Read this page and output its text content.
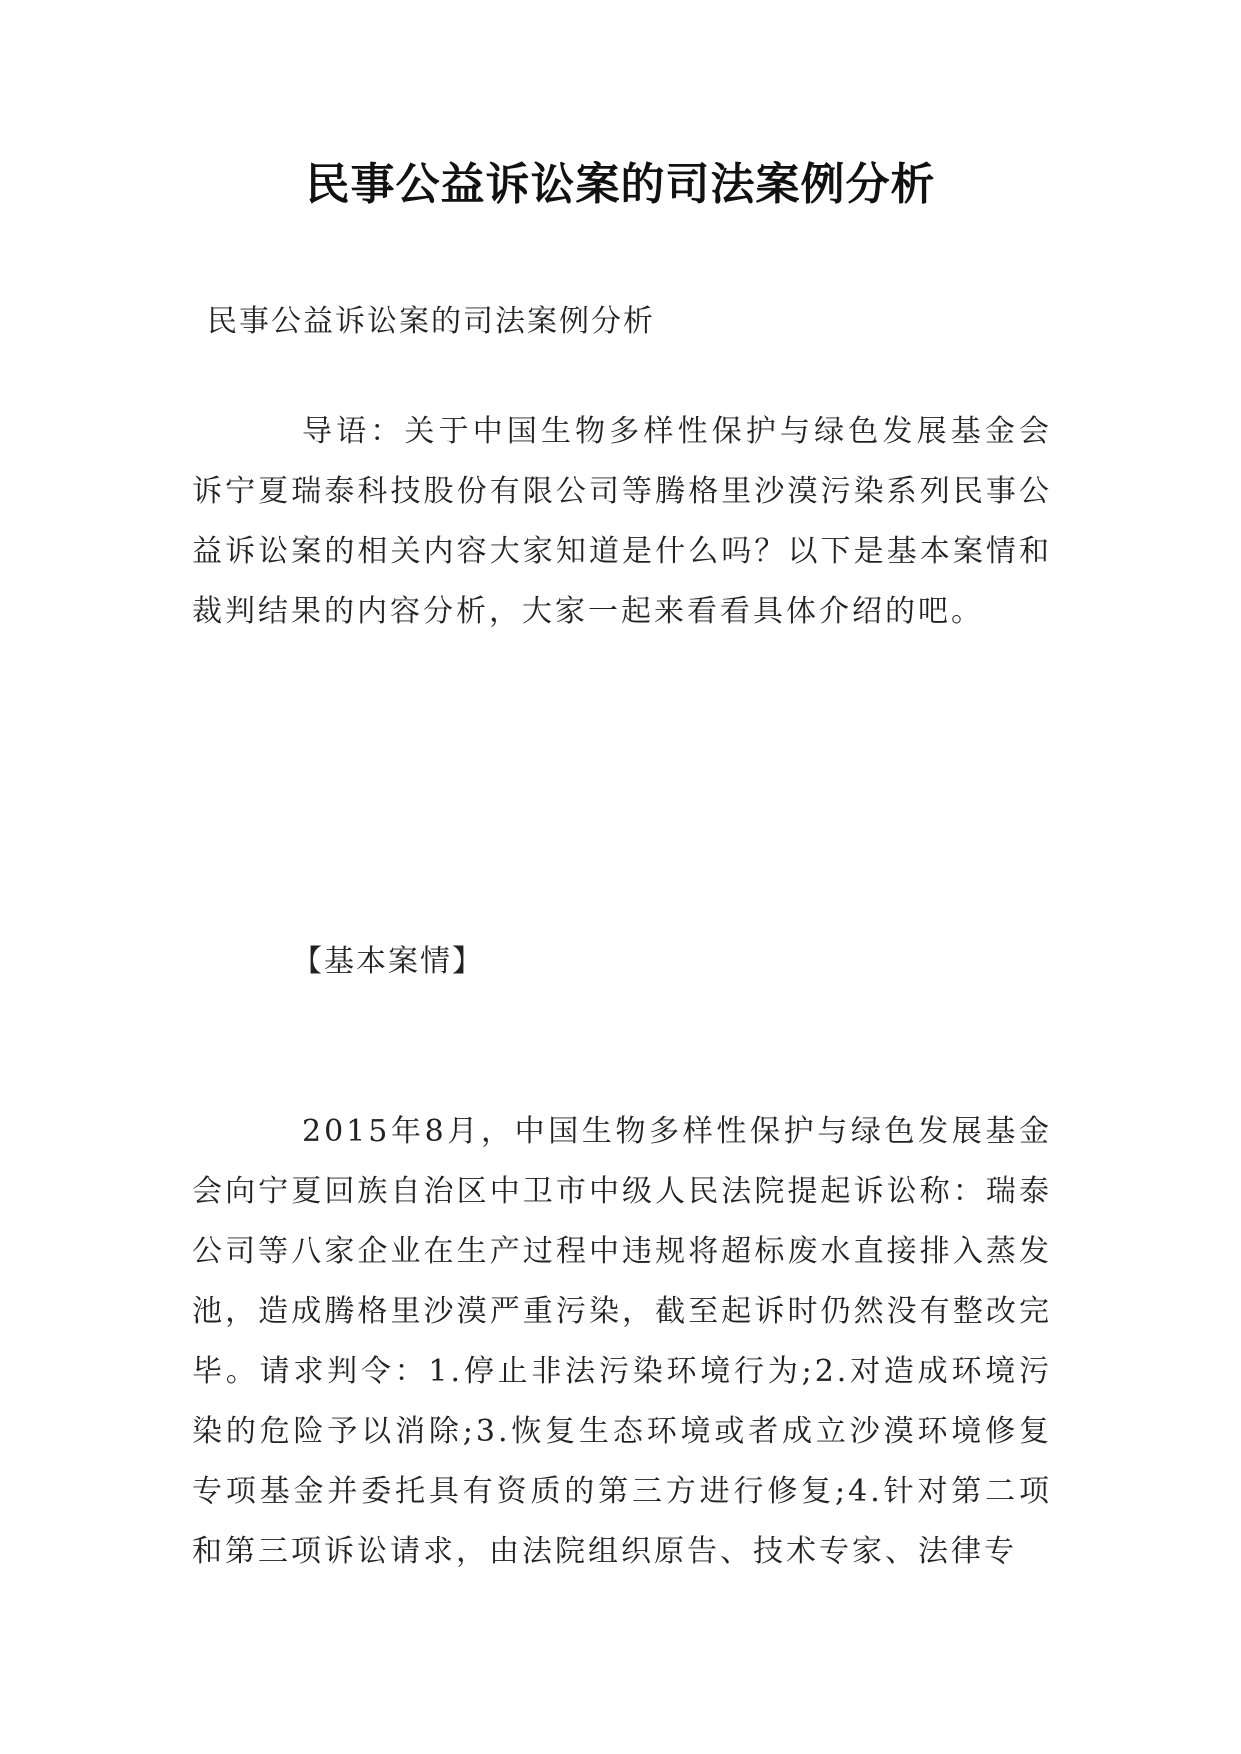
民事公益诉讼案的司法案例分析
民事公益诉讼案的司法案例分析

导语：关于中国生物多样性保护与绿色发展基金会诉宁夏瑞泰科技股份有限公司等腾格里沙漠污染系列民事公益诉讼案的相关内容大家知道是什么吗？以下是基本案情和裁判结果的内容分析，大家一起来看看具体介绍的吧。

【基本案情】

2015年8月，中国生物多样性保护与绿色发展基金会向宁夏回族自治区中卫市中级人民法院提起诉讼称：瑞泰公司等八家企业在生产过程中违规将超标废水直接排入蒸发池，造成腾格里沙漠严重污染，截至起诉时仍然没有整改完毕。请求判令：1.停止非法污染环境行为;2.对造成环境污染的危险予以消除;3.恢复生态环境或者成立沙漠环境修复专项基金并委托具有资质的第三方进行修复;4.针对第二项和第三项诉讼请求，由法院组织原告、技术专家、法律专
